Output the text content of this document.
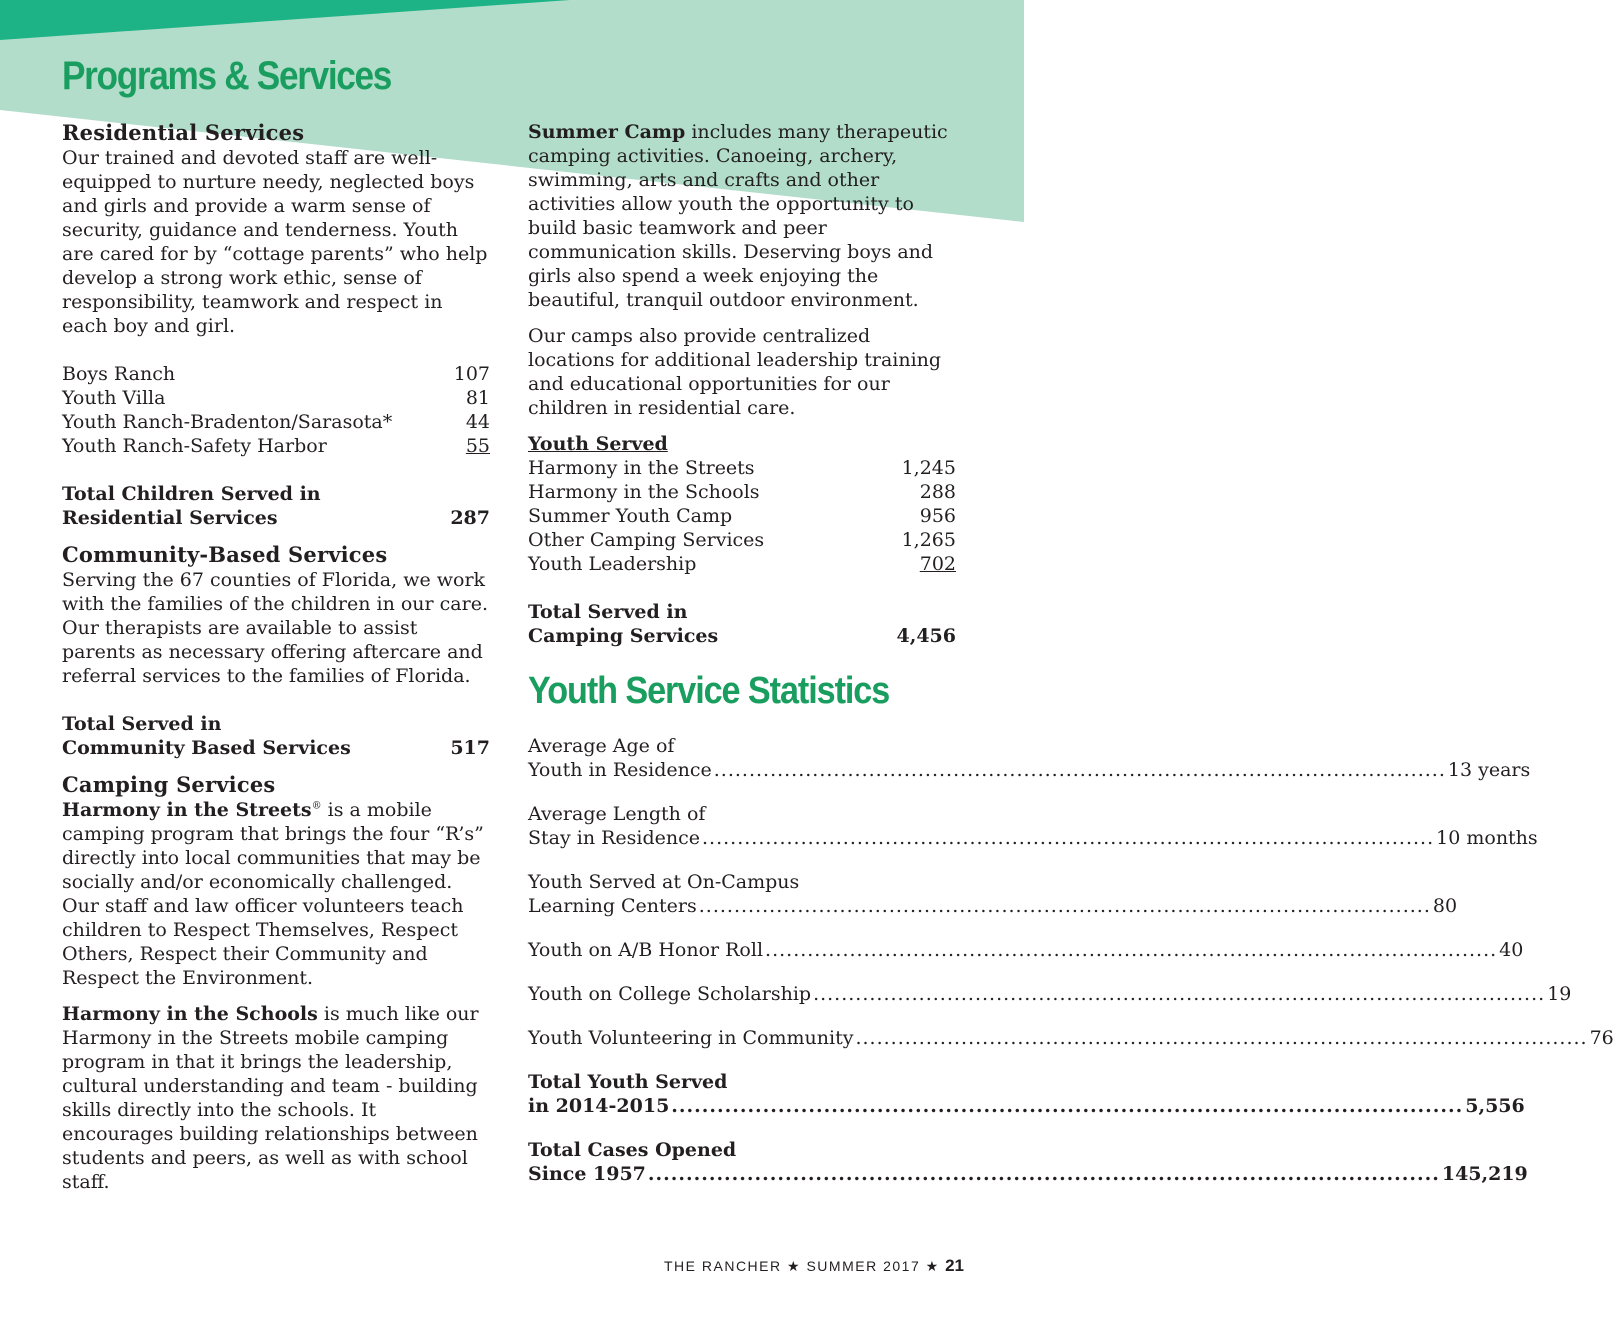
Programs & Services
Residential Services

Our trained and devoted staff are well-equipped to nurture needy, neglected boys and girls and provide a warm sense of security, guidance and tenderness. Youth are cared for by “cottage parents” who help develop a strong work ethic, sense of responsibility, teamwork and respect in each boy and girl.

Boys Ranch	107
Youth Villa	81
Youth Ranch-Bradenton/Sarasota*	44
Youth Ranch-Safety Harbor	55
Total Children Served in
Residential Services	287
Community-Based Services

Serving the 67 counties of Florida, we work with the families of the children in our care. Our therapists are available to assist parents as necessary offering aftercare and referral services to the families of Florida.

Total Served in
Community Based Services	517
Camping Services

Harmony in the Streets® is a mobile camping program that brings the four “R’s” directly into local communities that may be socially and/or economically challenged. Our staff and law officer volunteers teach children to Respect Themselves, Respect Others, Respect their Community and Respect the Environment.

Harmony in the Schools is much like our Harmony in the Streets mobile camping program in that it brings the leadership, cultural understanding and team - building skills directly into the schools. It encourages building relationships between students and peers, as well as with school staff.

Summer Camp includes many therapeutic camping activities. Canoeing, archery, swimming, arts and crafts and other activities allow youth the opportunity to build basic teamwork and peer communication skills. Deserving boys and girls also spend a week enjoying the beautiful, tranquil outdoor environment.

Our camps also provide centralized locations for additional leadership training and educational opportunities for our children in residential care.

Youth Served
Harmony in the Streets	1,245
Harmony in the Schools	288
Summer Youth Camp	956
Other Camping Services	1,265
Youth Leadership	702
Total Served in
Camping Services	4,456
Youth Service Statistics
Average Age of
Youth in Residence ........................................................................................................ 13 years
Average Length of
Stay in Residence ........................................................................................................ 10 months
Youth Served at On-Campus
Learning Centers ........................................................................................................ 80
Youth on A/B Honor Roll ........................................................................................................ 40
Youth on College Scholarship ........................................................................................................ 19
Youth Volunteering in Community ........................................................................................................ 76
Total Youth Served
in 2014-2015 ........................................................................................................ 5,556
Total Cases Opened
Since 1957 ........................................................................................................ 145,219
THE RANCHER ★ SUMMER 2017 ★ 21
